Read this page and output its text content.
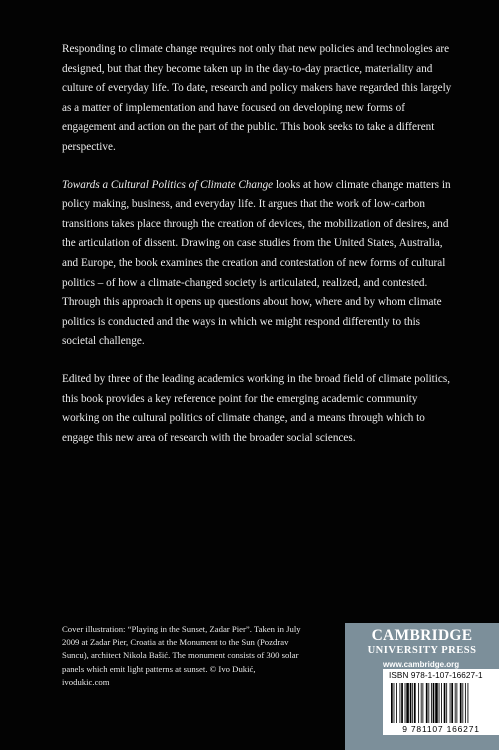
Responding to climate change requires not only that new policies and technologies are designed, but that they become taken up in the day-to-day practice, materiality and culture of everyday life. To date, research and policy makers have regarded this largely as a matter of implementation and have focused on developing new forms of engagement and action on the part of the public. This book seeks to take a different perspective.

Towards a Cultural Politics of Climate Change looks at how climate change matters in policy making, business, and everyday life. It argues that the work of low-carbon transitions takes place through the creation of devices, the mobilization of desires, and the articulation of dissent. Drawing on case studies from the United States, Australia, and Europe, the book examines the creation and contestation of new forms of cultural politics – of how a climate-changed society is articulated, realized, and contested. Through this approach it opens up questions about how, where and by whom climate politics is conducted and the ways in which we might respond differently to this societal challenge.

Edited by three of the leading academics working in the broad field of climate politics, this book provides a key reference point for the emerging academic community working on the cultural politics of climate change, and a means through which to engage this new area of research with the broader social sciences.

Cover illustration: “Playing in the Sunset, Zadar Pier”. Taken in July 2009 at Zadar Pier, Croatia at the Monument to the Sun (Pozdrav Suncu), architect Nikola Bašić. The monument consists of 300 solar panels which emit light patterns at sunset. © Ivo Dukić, ivodukic.com
CAMBRIDGE
UNIVERSITY PRESS
www.cambridge.org
ISBN 978-1-107-16627-1
9 781107 166271
